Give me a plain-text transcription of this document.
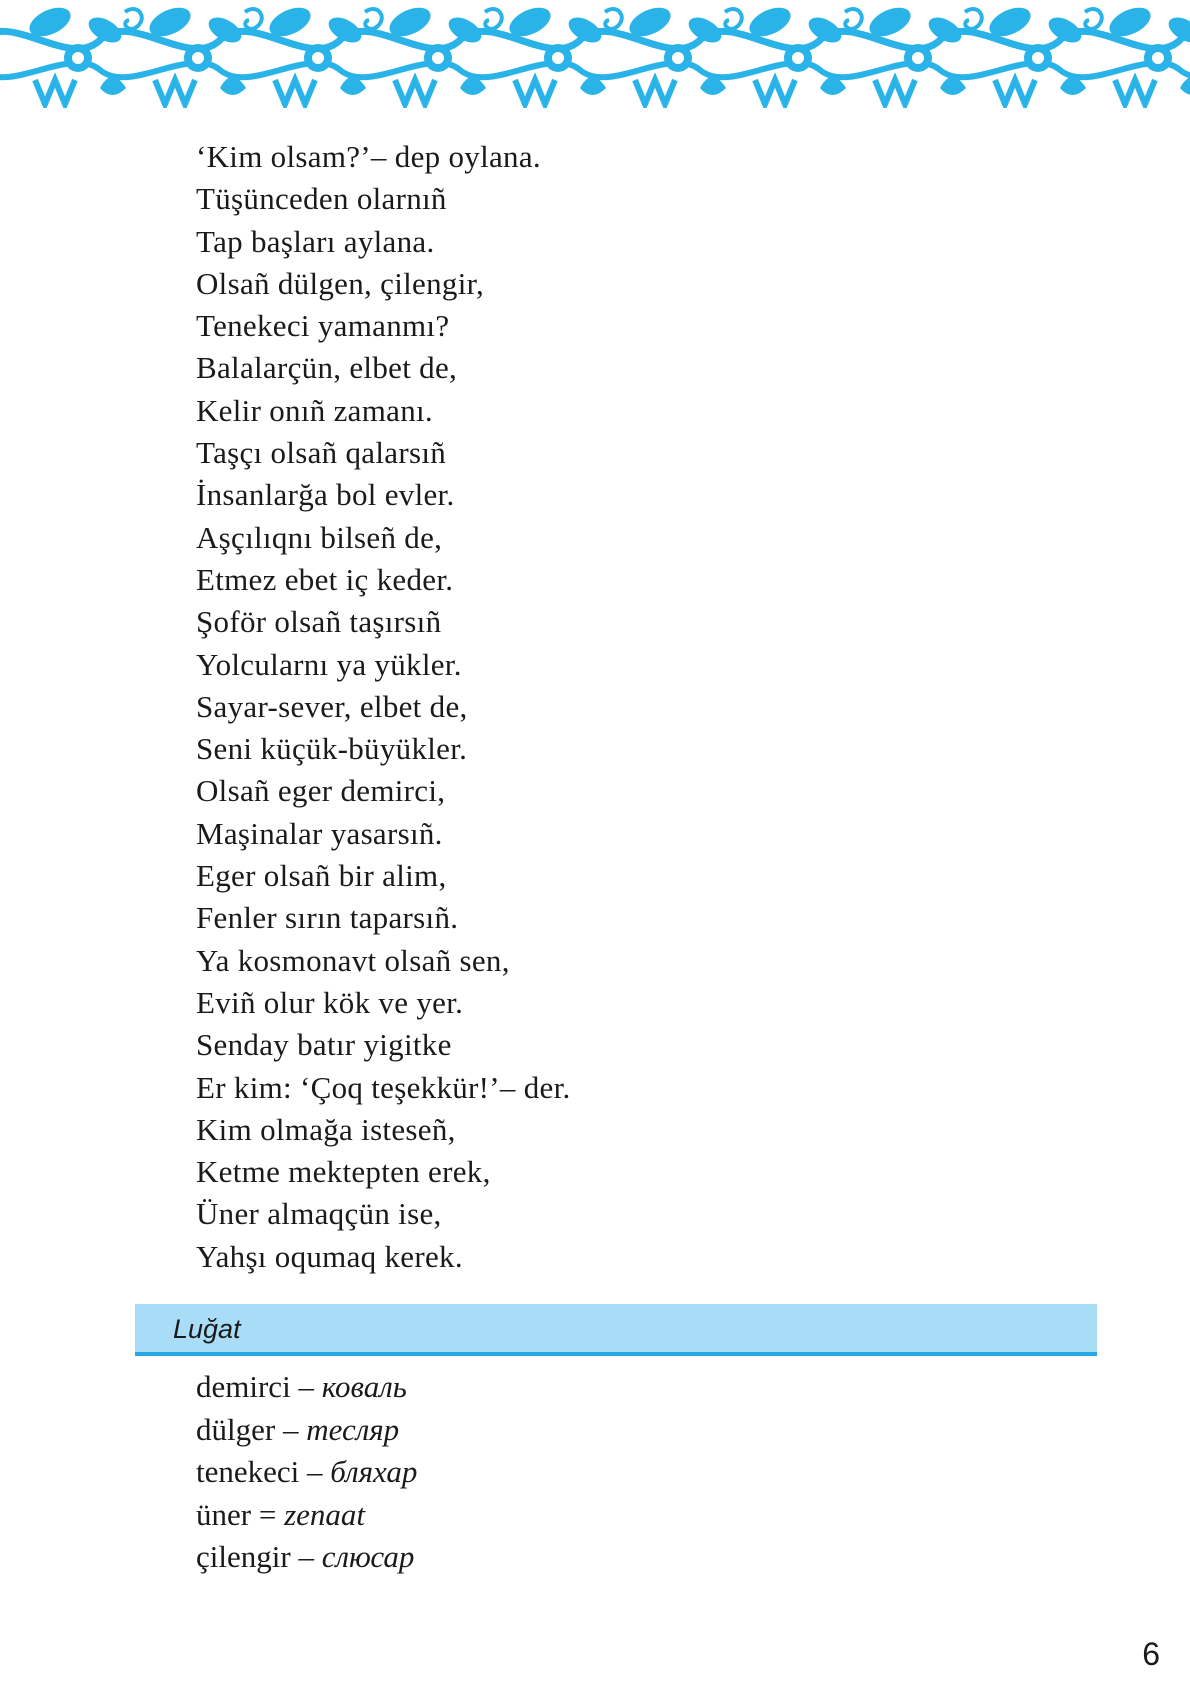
‘Kim olsam?’– dep oylana.
Tüşünceden olarnıñ
Tap başları aylana.
Olsañ dülgen, çilengir,
Tenekeci yamanmı?
Balalarçün, elbet de,
Kelir onıñ zamanı.
Taşçı olsañ qalarsıñ
İnsanlarğa bol evler.
Aşçılıqnı bilseñ de,
Etmez ebet iç keder.
Şoför olsañ taşırsıñ
Yolcularnı ya yükler.
Sayar-sever, elbet de,
Seni küçük-büyükler.
Olsañ eger demirci,
Maşinalar yasarsıñ.
Eger olsañ bir alim,
Fenler sırın taparsıñ.
Ya kosmonavt olsañ sen,
Eviñ olur kök ve yer.
Senday batır yigitke
Er kim: ‘Çoq teşekkür!’– der.
Kim olmağa isteseñ,
Ketme mektepten erek,
Üner almaqçün ise,
Yahşı oqumaq kerek.
Luğat
demirci – коваль
dülger – тесляр
tenekeci – бляхар
üner = zenaat
çilengir – слюсар
6
